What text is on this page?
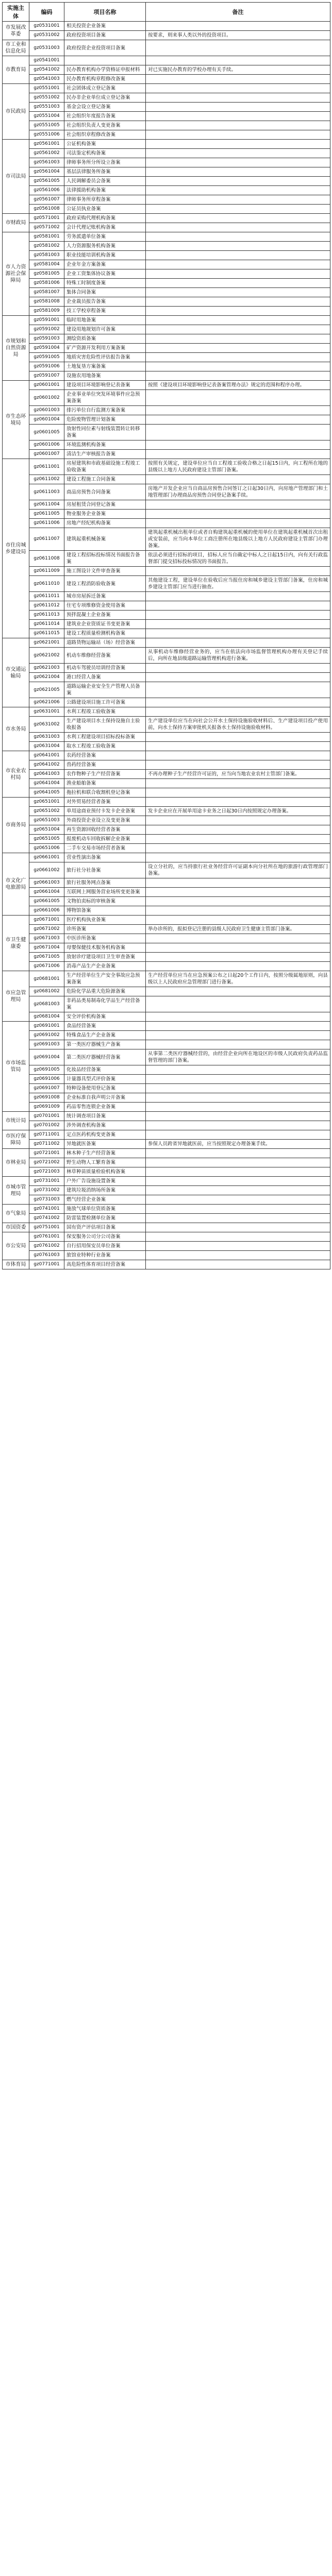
实施主体	编码	项目名称	备注
市发展改革委	gz0531001	相关投资企业备案	
	gz0531002	政府投资项目备案	按要求，则来事人类以外的投资项目。
市工业和信息化局	gz0531003	政府投资企业投资项目备案	
市教育局	gz0541001		
	gz0541002	民办教育机构办学资格证申报材料	对已实施民办教育的学校办理有关手续。
	gz0541003	民办教育机构章程修改备案	
市民政局	gz0551001	社会团体成立登记备案	
	gz0551002	民办非企业单位成立登记备案	
	gz0551003	基金会设立登记备案	
	gz0551004	社会组织年度报告备案	
	gz0551005	社会组织负责人变更备案	
	gz0551006	社会组织章程修改备案	
市司法局	gz0561001	公证机构备案	
	gz0561002	司法鉴定机构备案	
	gz0561003	律师事务所分所设立备案	
	gz0561004	基层法律服务所备案	
	gz0561005	人民调解委员会备案	
	gz0561006	法律援助机构备案	
	gz0561007	律师事务所章程备案	
	gz0561008	公证员执业备案	
市财政局	gz0571001	政府采购代理机构备案	
	gz0571002	会计代理记账机构备案	
市人力资源社会保障局	gz0581001	劳务派遣单位备案	
	gz0581002	人力资源服务机构备案	
	gz0581003	职业技能培训机构备案	
	gz0581004	企业年金方案备案	
	gz0581005	企业工资集体协议备案	
	gz0581006	特殊工时制度备案	
	gz0581007	集体合同备案	
	gz0581008	企业裁员报告备案	
	gz0581009	技工学校章程备案	
市规划和自然资源局	gz0591001	临时用地备案	
	gz0591002	建设用地规划许可备案	
	gz0591003	测绘资质备案	
	gz0591004	矿产资源开发利用方案备案	
	gz0591005	地质灾害危险性评估报告备案	
	gz0591006	土地复垦方案备案	
	gz0591007	设施农用地备案	
市生态环境局	gz0601001	建设项目环境影响登记表备案	按照《建设项目环境影响登记表备案管理办法》规定的范围和程序办理。
	gz0601002	企业事业单位突发环境事件应急预案备案	
	gz0601003	排污单位自行监测方案备案	
	gz0601004	危险废物管理计划备案	
	gz0601005	放射性同位素与射线装置转让转移备案	
	gz0601006	环境监测机构备案	
	gz0601007	清洁生产审核报告备案	
市住房城乡建设局	gz0611001	房屋建筑和市政基础设施工程竣工验收备案	按照有关规定，建设单位应当自工程竣工验收合格之日起15日内，向工程所在地的县级以上地方人民政府建设主管部门备案。
	gz0611002	建设工程施工合同备案	
	gz0611003	商品房预售合同备案	房地产开发企业应当自商品房预售合同签订之日起30日内，向房地产管理部门和土地管理部门办理商品房预售合同登记备案手续。
	gz0611004	房屋租赁合同登记备案	
	gz0611005	物业服务企业备案	
	gz0611006	房地产经纪机构备案	
	gz0611007	建筑起重机械备案	建筑起重机械出租单位或者自购建筑起重机械的使用单位在建筑起重机械首次出租或安装前，应当向本单位工商注册所在地县级以上地方人民政府建设主管部门办理备案。
	gz0611008	建设工程招标投标情况书面报告备案	依法必须进行招标的项目，招标人应当自确定中标人之日起15日内，向有关行政监督部门提交招标投标情况的书面报告。
	gz0611009	施工图设计文件审查备案	
	gz0611010	建设工程消防验收备案	其他建设工程，建设单位在验收后应当报住房和城乡建设主管部门备案，住房和城乡建设主管部门应当进行抽查。
	gz0611011	城市房屋拆迁备案	
	gz0611012	住宅专项维修资金使用备案	
	gz0611013	预拌混凝土企业备案	
	gz0611014	建筑业企业资质证书变更备案	
	gz0611015	建设工程质量检测机构备案	
市交通运输局	gz0621001	道路货物运输站（场）经营备案	
	gz0621002	机动车维修经营备案	从事机动车维修经营业务的，应当在依法向市场监督管理机构办理有关登记手续后，向所在地县级道路运输管理机构进行备案。
	gz0621003	机动车驾驶员培训经营备案	
	gz0621004	港口经营人备案	
	gz0621005	道路运输企业安全生产管理人员备案	
	gz0621006	公路建设项目施工许可备案	
市水务局	gz0631001	水利工程竣工验收备案	
	gz0631002	生产建设项目水土保持设施自主验收报备	生产建设单位应当在向社会公开水土保持设施验收材料后、生产建设项目投产使用前，向水土保持方案审批机关报备水土保持设施验收材料。
	gz0631003	水利工程建设项目招标投标备案	
	gz0631004	取水工程竣工验收备案	
市农业农村局	gz0641001	农药经营备案	
	gz0641002	兽药经营备案	
	gz0641003	农作物种子生产经营备案	不再办理种子生产经营许可证的，应当向当地农业农村主管部门备案。
	gz0641004	渔业船舶备案	
	gz0641005	拖拉机和联合收割机登记备案	
市商务局	gz0651001	对外贸易经营者备案	
	gz0651002	单用途商业预付卡发卡企业备案	发卡企业应在开展单用途卡业务之日起30日内按照规定办理备案。
	gz0651003	外商投资企业设立及变更备案	
	gz0651004	再生资源回收经营者备案	
	gz0651005	报废机动车回收拆解企业备案	
	gz0651006	二手车交易市场经营者备案	
市文化广电旅游局	gz0661001	营业性演出备案	
	gz0661002	旅行社分社备案	设立分社的，应当持旅行社业务经营许可证副本向分社所在地的旅游行政管理部门备案。
	gz0661003	旅行社服务网点备案	
	gz0661004	互联网上网服务营业场所变更备案	
	gz0661005	文物拍卖标的审核备案	
	gz0661006	博物馆备案	
市卫生健康委	gz0671001	医疗机构执业备案	
	gz0671002	诊所备案	举办诊所的，报拟登记注册的县级人民政府卫生健康主管部门备案。
	gz0671003	中医诊所备案	
	gz0671004	母婴保健技术服务机构备案	
	gz0671005	放射诊疗建设项目卫生审查备案	
	gz0671006	消毒产品生产企业备案	
市应急管理局	gz0681001	生产经营单位生产安全事故应急预案备案	生产经营单位应当在应急预案公布之日起20个工作日内，按照分级属地原则，向县级以上人民政府应急管理部门进行备案。
	gz0681002	危险化学品重大危险源备案	
	gz0681003	非药品类易制毒化学品生产经营备案	
	gz0681004	安全评价机构备案	
市市场监管局	gz0691001	食品经营备案	
	gz0691002	特殊食品生产企业备案	
	gz0691003	第一类医疗器械生产备案	
	gz0691004	第二类医疗器械经营备案	从事第二类医疗器械经营的，由经营企业向所在地设区的市级人民政府负责药品监督管理的部门备案。
	gz0691005	化妆品经营备案	
	gz0691006	计量器具型式评价备案	
	gz0691007	特种设备使用登记备案	
	gz0691008	企业标准自我声明公开备案	
	gz0691009	药品零售连锁企业备案	
市统计局	gz0701001	统计调查项目备案	
	gz0701002	涉外调查机构备案	
市医疗保障局	gz0711001	定点医药机构变更备案	
	gz0711002	异地就医备案	参保人员跨省异地就医前，应当按照规定办理备案手续。
市林业局	gz0721001	林木种子生产经营备案	
	gz0721002	野生动物人工繁育备案	
	gz0721003	林草种苗质量检验机构备案	
市城市管理局	gz0731001	户外广告设施设置备案	
	gz0731002	建筑垃圾消纳场所备案	
	gz0731003	燃气经营企业备案	
市气象局	gz0741001	施放气球单位资质备案	
	gz0741002	防雷装置检测单位备案	
市国资委	gz0751001	国有资产评估项目备案	
市公安局	gz0761001	保安服务公司分公司备案	
	gz0761002	自行招用保安员单位备案	
	gz0761003	旅馆业特种行业备案	
市体育局	gz0771001	高危险性体育项目经营备案	
